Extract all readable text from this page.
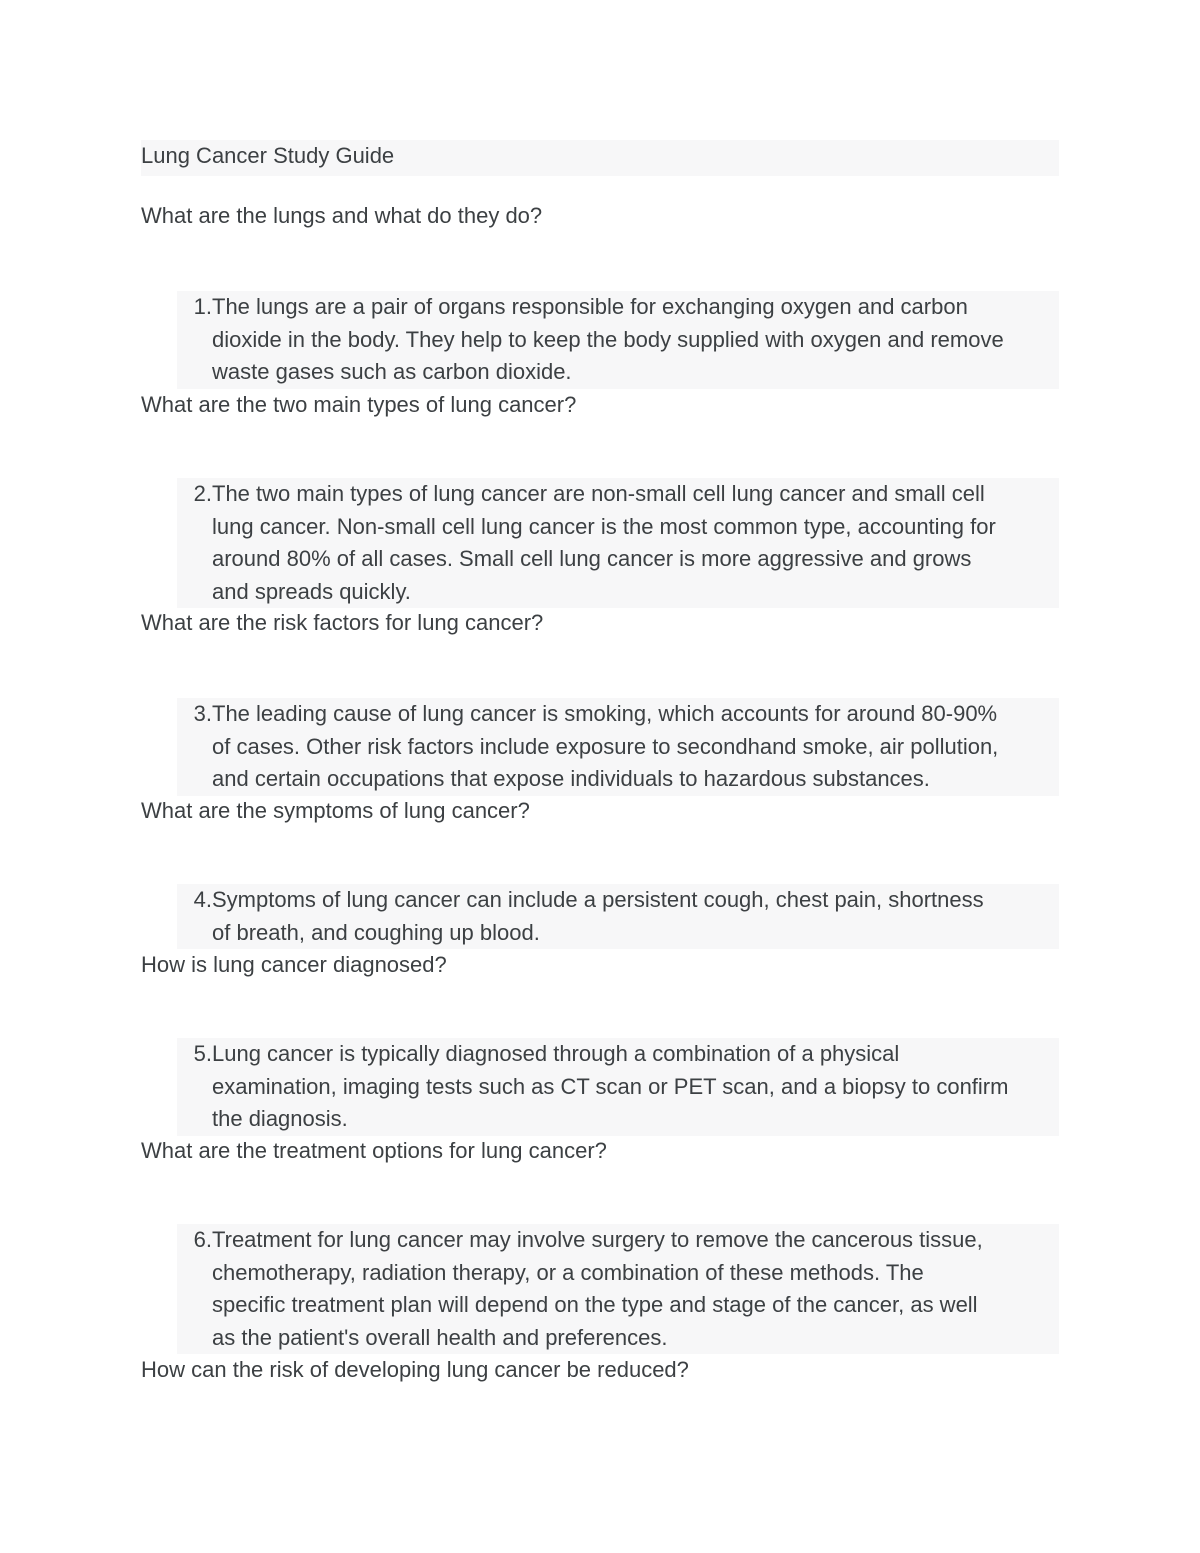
Lung Cancer Study Guide
What are the lungs and what do they do?
1. The lungs are a pair of organs responsible for exchanging oxygen and carbon
dioxide in the body. They help to keep the body supplied with oxygen and remove
waste gases such as carbon dioxide.
What are the two main types of lung cancer?
2. The two main types of lung cancer are non-small cell lung cancer and small cell
lung cancer. Non-small cell lung cancer is the most common type, accounting for
around 80% of all cases. Small cell lung cancer is more aggressive and grows
and spreads quickly.
What are the risk factors for lung cancer?
3. The leading cause of lung cancer is smoking, which accounts for around 80-90%
of cases. Other risk factors include exposure to secondhand smoke, air pollution,
and certain occupations that expose individuals to hazardous substances.
What are the symptoms of lung cancer?
4. Symptoms of lung cancer can include a persistent cough, chest pain, shortness
of breath, and coughing up blood.
How is lung cancer diagnosed?
5. Lung cancer is typically diagnosed through a combination of a physical
examination, imaging tests such as CT scan or PET scan, and a biopsy to confirm
the diagnosis.
What are the treatment options for lung cancer?
6. Treatment for lung cancer may involve surgery to remove the cancerous tissue,
chemotherapy, radiation therapy, or a combination of these methods. The
specific treatment plan will depend on the type and stage of the cancer, as well
as the patient's overall health and preferences.
How can the risk of developing lung cancer be reduced?
